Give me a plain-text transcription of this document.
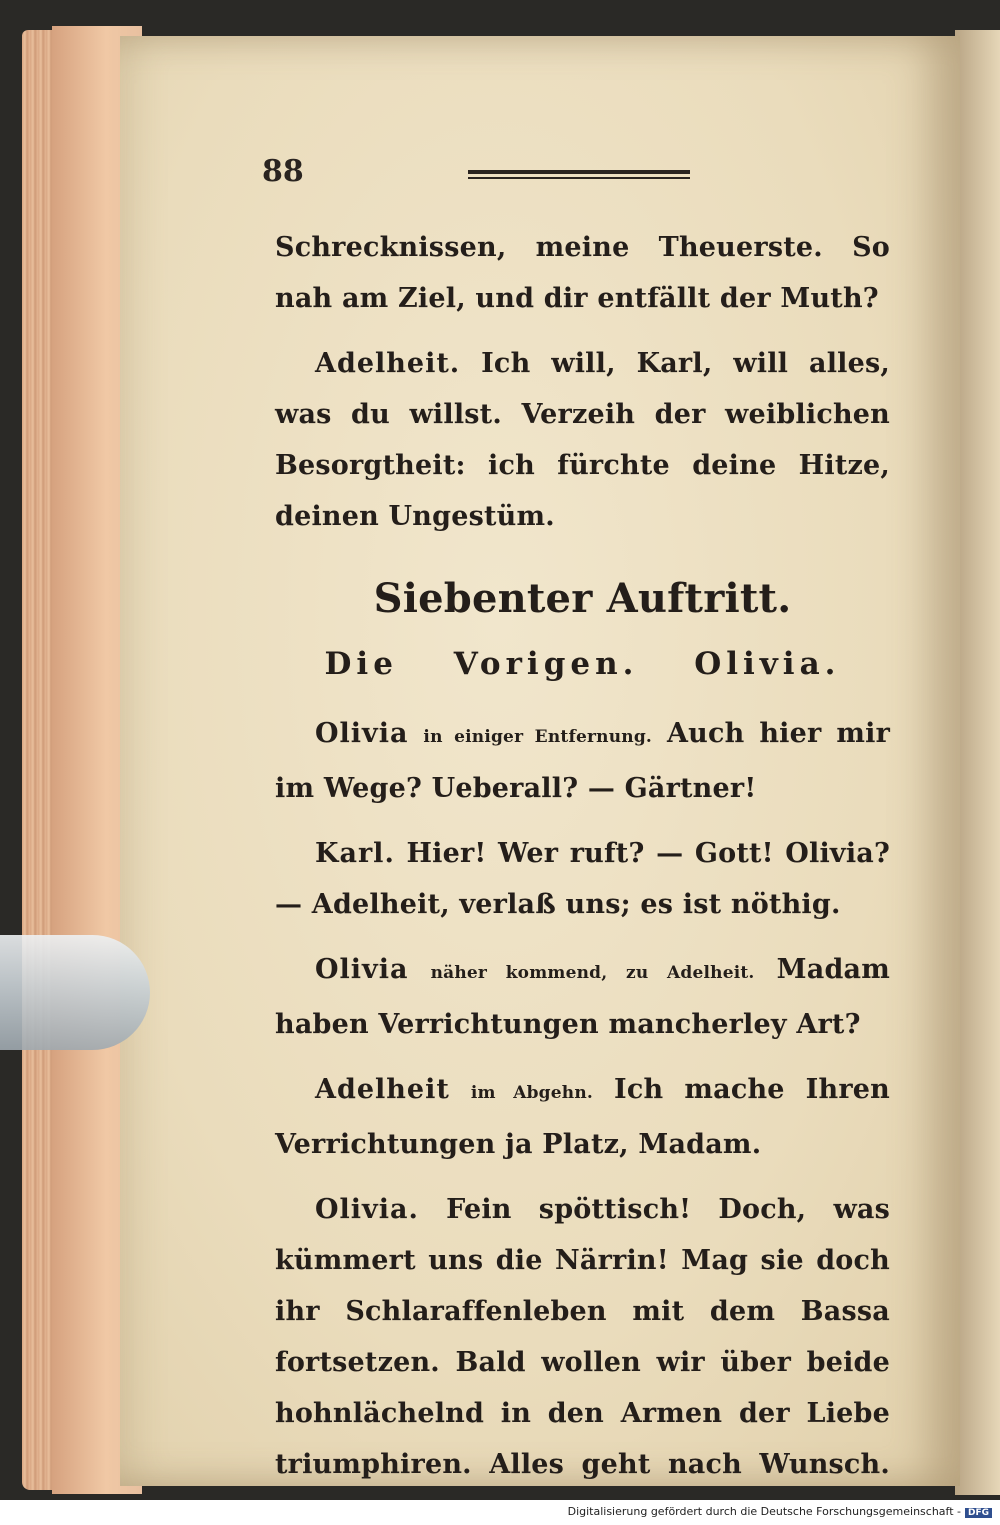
88

Schrecknissen, meine Theuerste. So nah am Ziel, und dir entfällt der Muth?

Adelheit. Ich will, Karl, will alles, was du willst. Verzeih der weiblichen Besorgtheit: ich fürchte deine Hitze, deinen Ungestüm.

Siebenter Auftritt.
Die Vorigen. Olivia.

Olivia in einiger Entfernung. Auch hier mir im Wege? Ueberall? — Gärtner!

Karl. Hier! Wer ruft? — Gott! Olivia? — Adelheit, verlaß uns; es ist nöthig.

Olivia näher kommend, zu Adelheit. Madam haben Verrichtungen mancherley Art?

Adelheit im Abgehn. Ich mache Ihren Verrichtungen ja Platz, Madam.

Olivia. Fein spöttisch! Doch, was kümmert uns die Närrin! Mag sie doch ihr Schlaraffenleben mit dem Bassa fortsetzen. Bald wollen wir über beide hohnlächelnd in den Armen der Liebe triumphiren. Alles geht nach Wunsch.

Digitalisierung gefördert durch die Deutsche Forschungsgemeinschaft - DFG
